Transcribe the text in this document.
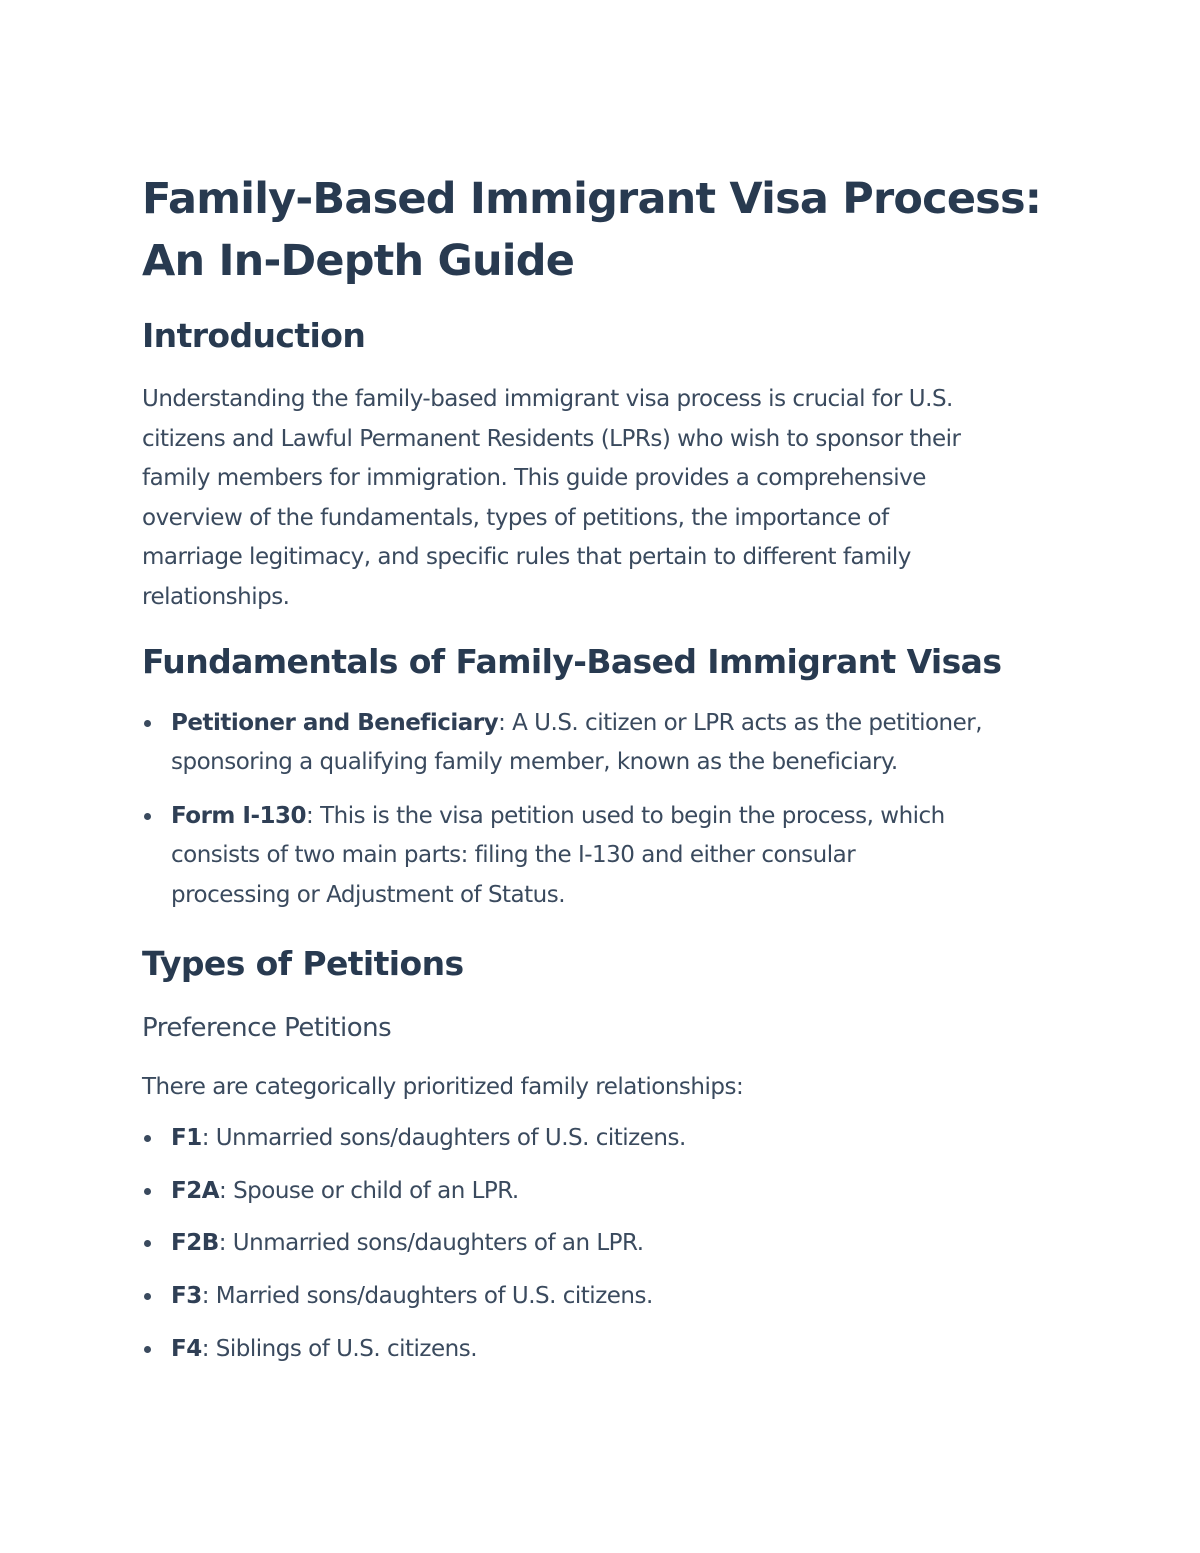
Family-Based Immigrant Visa Process:
An In-Depth Guide
Introduction

Understanding the family-based immigrant visa process is crucial for U.S.
citizens and Lawful Permanent Residents (LPRs) who wish to sponsor their
family members for immigration. This guide provides a comprehensive
overview of the fundamentals, types of petitions, the importance of
marriage legitimacy, and specific rules that pertain to different family
relationships.

Fundamentals of Family-Based Immigrant Visas
Petitioner and Beneficiary: A U.S. citizen or LPR acts as the petitioner,
sponsoring a qualifying family member, known as the beneficiary.
Form I-130: This is the visa petition used to begin the process, which
consists of two main parts: filing the I-130 and either consular
processing or Adjustment of Status.
Types of Petitions
Preference Petitions

There are categorically prioritized family relationships:

F1: Unmarried sons/daughters of U.S. citizens.
F2A: Spouse or child of an LPR.
F2B: Unmarried sons/daughters of an LPR.
F3: Married sons/daughters of U.S. citizens.
F4: Siblings of U.S. citizens.
